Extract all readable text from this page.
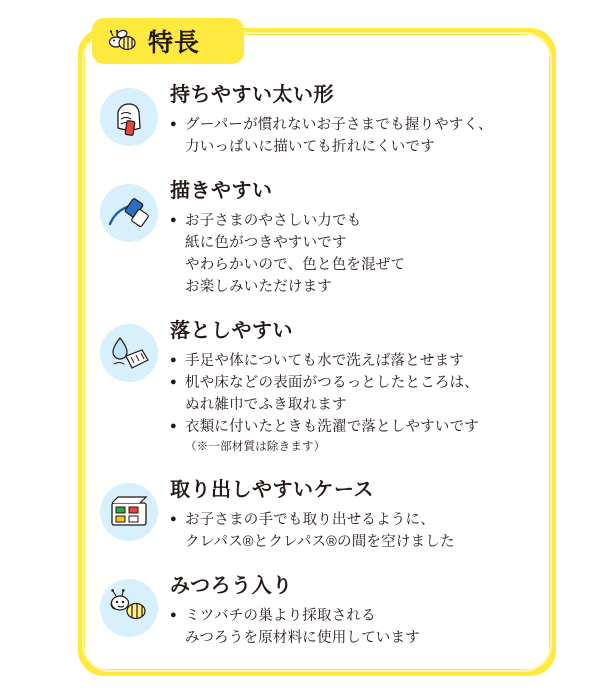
特長
持ちやすい太い形
● グーパーが慣れないお子さまでも握りやすく、
力いっぱいに描いても折れにくいです
描きやすい
● お子さまのやさしい力でも
紙に色がつきやすいです
やわらかいので、色と色を混ぜて
お楽しみいただけます
落としやすい
● 手足や体についても水で洗えば落とせます
● 机や床などの表面がつるっとしたところは、
ぬれ雑巾でふき取れます
● 衣類に付いたときも洗濯で落としやすいです
（※一部材質は除きます）
取り出しやすいケース
● お子さまの手でも取り出せるように、
クレパス®とクレパス®の間を空けました
みつろう入り
● ミツバチの巣より採取される
みつろうを原材料に使用しています
